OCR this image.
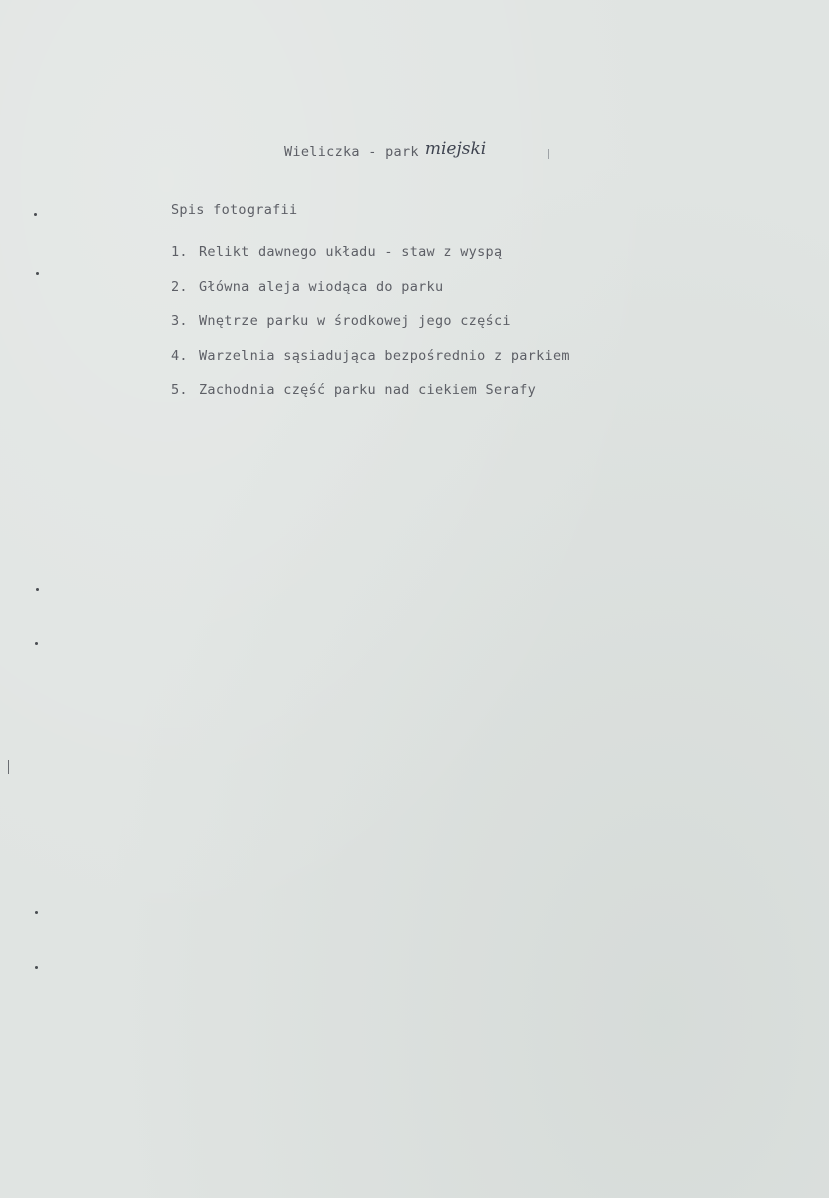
Wieliczka - park miejski
Spis fotografii
1. Relikt dawnego układu - staw z wyspą
2. Główna aleja wiodąca do parku
3. Wnętrze parku w środkowej jego części
4. Warzelnia sąsiadująca bezpośrednio z parkiem
5. Zachodnia część parku nad ciekiem Serafy
